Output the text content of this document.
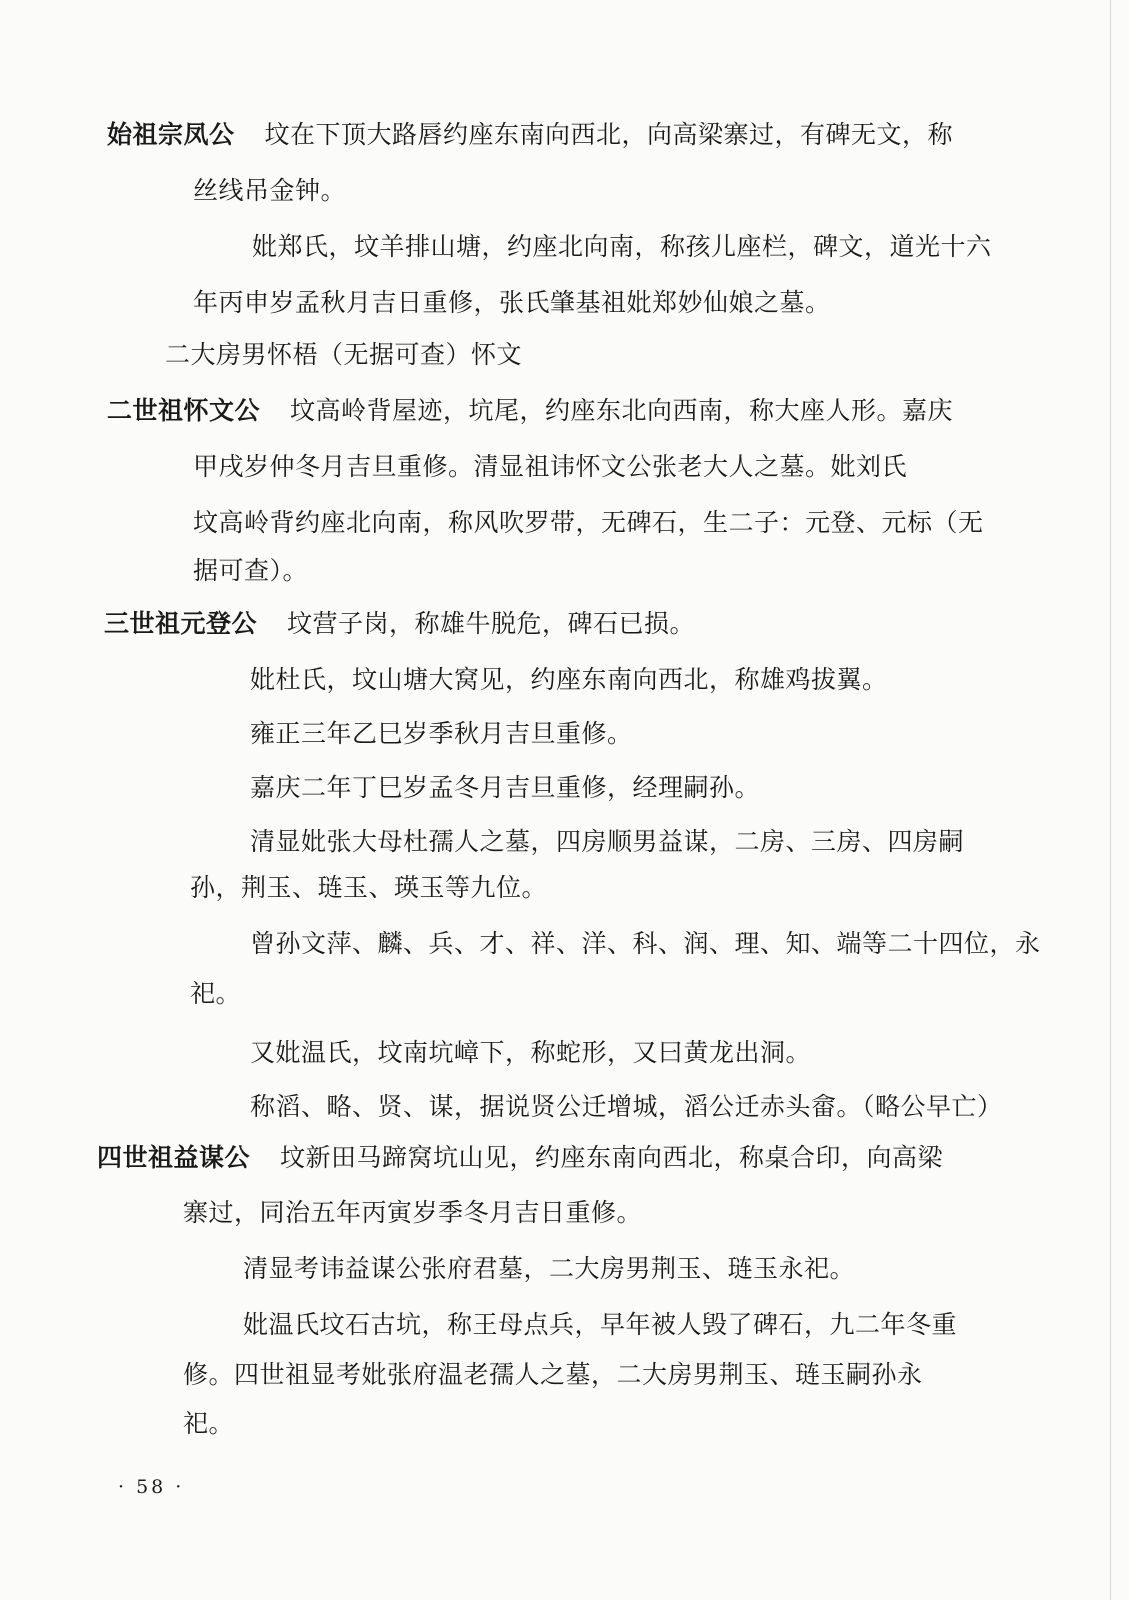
始祖宗凤公 坟在下顶大路唇约座东南向西北，向高梁寨过，有碑无文，称
丝线吊金钟。
妣郑氏，坟羊排山塘，约座北向南，称孩儿座栏，碑文，道光十六
年丙申岁孟秋月吉日重修，张氏肇基祖妣郑妙仙娘之墓。
二大房男怀梧（无据可查）怀文
二世祖怀文公 坟高岭背屋迹，坑尾，约座东北向西南，称大座人形。嘉庆
甲戌岁仲冬月吉旦重修。清显祖讳怀文公张老大人之墓。妣刘氏
坟高岭背约座北向南，称风吹罗带，无碑石，生二子：元登、元标（无
据可查）。
三世祖元登公 坟营子岗，称雄牛脱危，碑石已损。
妣杜氏，坟山塘大窝见，约座东南向西北，称雄鸡拔翼。
雍正三年乙巳岁季秋月吉旦重修。
嘉庆二年丁巳岁孟冬月吉旦重修，经理嗣孙。
清显妣张大母杜孺人之墓，四房顺男益谋，二房、三房、四房嗣
孙，荆玉、琏玉、瑛玉等九位。
曾孙文萍、麟、兵、才、祥、洋、科、润、理、知、端等二十四位，永
祀。
又妣温氏，坟南坑嶂下，称蛇形，又曰黄龙出洞。
称滔、略、贤、谋，据说贤公迁增城，滔公迁赤头畲。（略公早亡）
四世祖益谋公 坟新田马蹄窝坑山见，约座东南向西北，称桌合印，向高梁
寨过，同治五年丙寅岁季冬月吉日重修。
清显考讳益谋公张府君墓，二大房男荆玉、琏玉永祀。
妣温氏坟石古坑，称王母点兵，早年被人毁了碑石，九二年冬重
修。四世祖显考妣张府温老孺人之墓，二大房男荆玉、琏玉嗣孙永
祀。
· 58 ·
